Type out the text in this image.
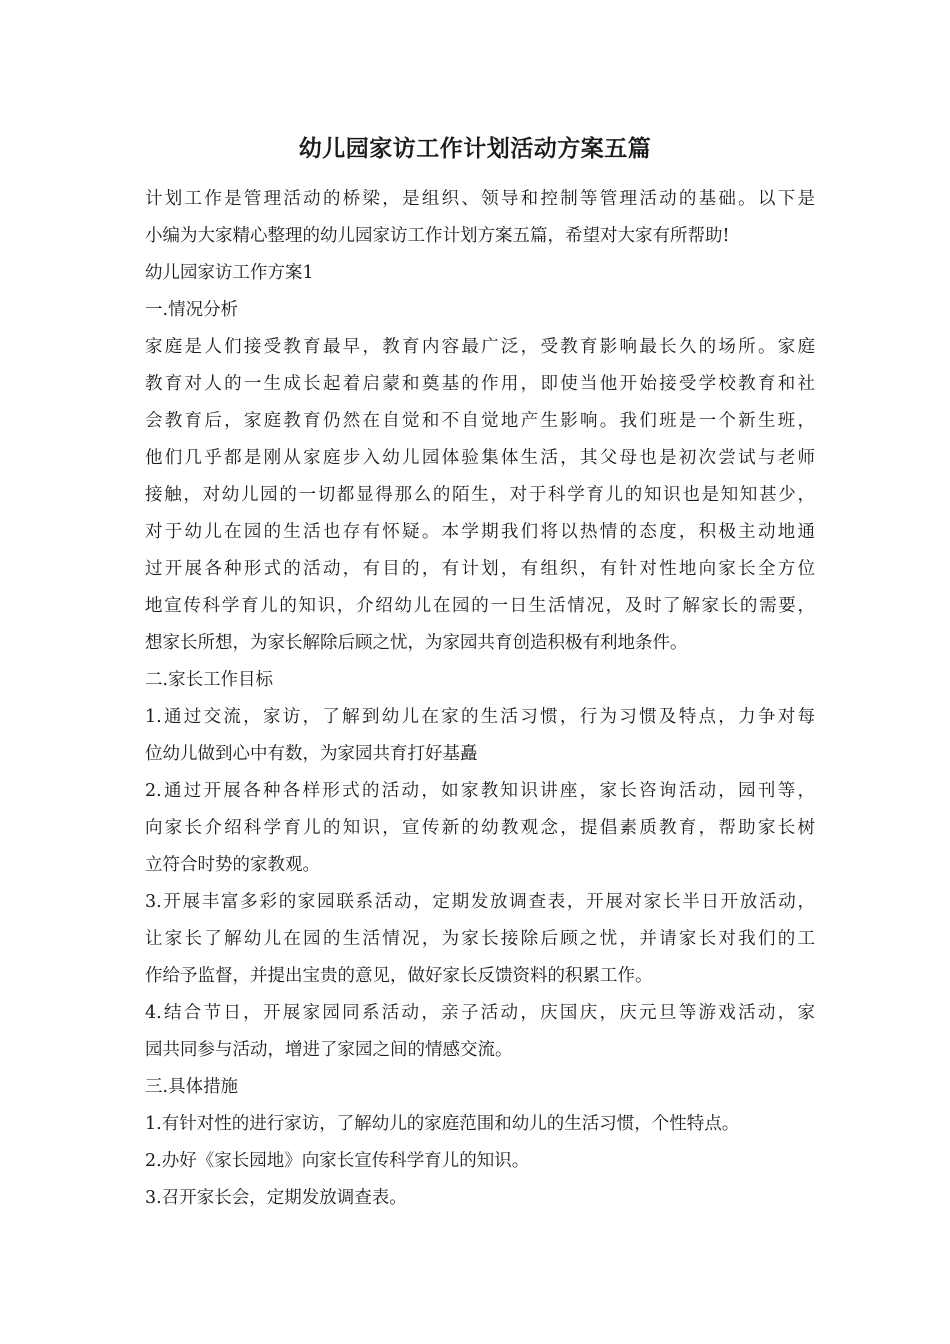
幼儿园家访工作计划活动方案五篇
计划工作是管理活动的桥梁，是组织、领导和控制等管理活动的基础。以下是
小编为大家精心整理的幼儿园家访工作计划方案五篇，希望对大家有所帮助!
幼儿园家访工作方案1
一.情况分析
家庭是人们接受教育最早，教育内容最广泛，受教育影响最长久的场所。家庭
教育对人的一生成长起着启蒙和奠基的作用，即使当他开始接受学校教育和社
会教育后，家庭教育仍然在自觉和不自觉地产生影响。我们班是一个新生班，
他们几乎都是刚从家庭步入幼儿园体验集体生活，其父母也是初次尝试与老师
接触，对幼儿园的一切都显得那么的陌生，对于科学育儿的知识也是知知甚少，
对于幼儿在园的生活也存有怀疑。本学期我们将以热情的态度，积极主动地通
过开展各种形式的活动，有目的，有计划，有组织，有针对性地向家长全方位
地宣传科学育儿的知识，介绍幼儿在园的一日生活情况，及时了解家长的需要，
想家长所想，为家长解除后顾之忧，为家园共育创造积极有利地条件。
二.家长工作目标
1.通过交流，家访，了解到幼儿在家的生活习惯，行为习惯及特点，力争对每
位幼儿做到心中有数，为家园共育打好基矗
2.通过开展各种各样形式的活动，如家教知识讲座，家长咨询活动，园刊等，
向家长介绍科学育儿的知识，宣传新的幼教观念，提倡素质教育，帮助家长树
立符合时势的家教观。
3.开展丰富多彩的家园联系活动，定期发放调查表，开展对家长半日开放活动，
让家长了解幼儿在园的生活情况，为家长接除后顾之忧，并请家长对我们的工
作给予监督，并提出宝贵的意见，做好家长反馈资料的积累工作。
4.结合节日，开展家园同系活动，亲子活动，庆国庆，庆元旦等游戏活动，家
园共同参与活动，增进了家园之间的情感交流。
三.具体措施
1.有针对性的进行家访，了解幼儿的家庭范围和幼儿的生活习惯，个性特点。
2.办好《家长园地》向家长宣传科学育儿的知识。
3.召开家长会，定期发放调查表。
